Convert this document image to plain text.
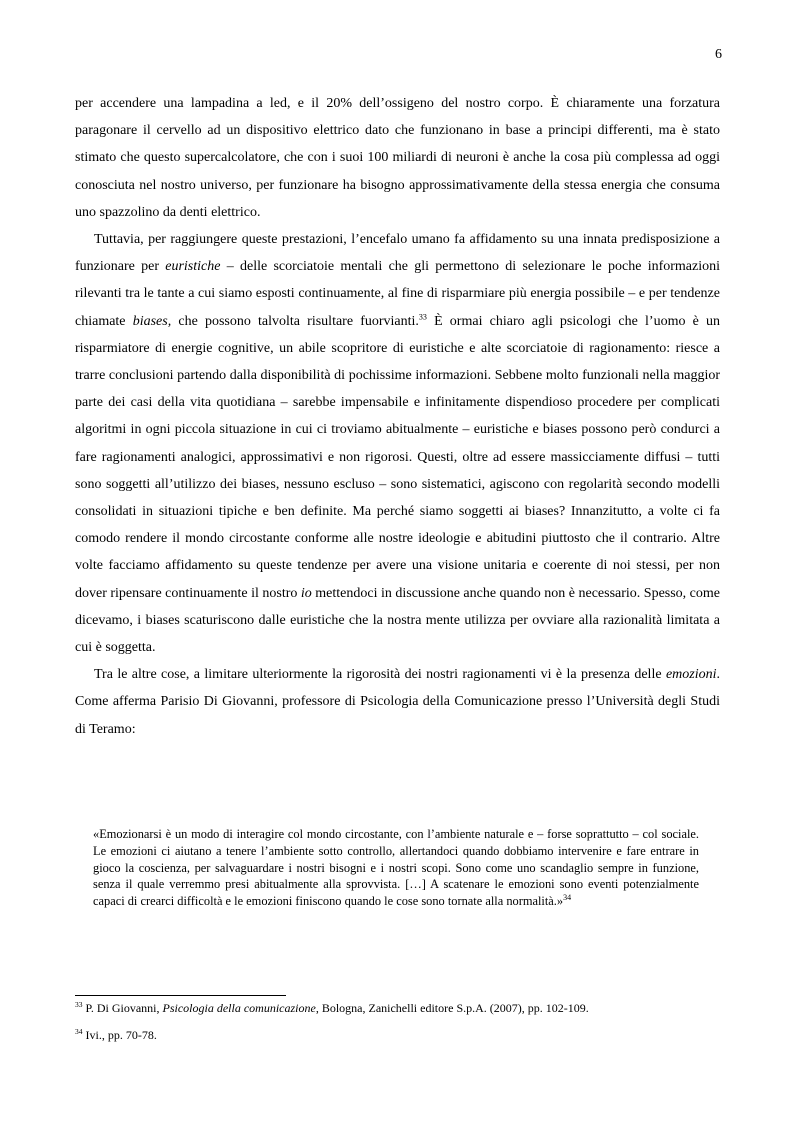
6

per accendere una lampadina a led, e il 20% dell’ossigeno del nostro corpo. È chiaramente una forzatura paragonare il cervello ad un dispositivo elettrico dato che funzionano in base a principi differenti, ma è stato stimato che questo supercalcolatore, che con i suoi 100 miliardi di neuroni è anche la cosa più complessa ad oggi conosciuta nel nostro universo, per funzionare ha bisogno approssimativamente della stessa energia che consuma uno spazzolino da denti elettrico.

Tuttavia, per raggiungere queste prestazioni, l’encefalo umano fa affidamento su una innata predisposizione a funzionare per euristiche – delle scorciatoie mentali che gli permettono di selezionare le poche informazioni rilevanti tra le tante a cui siamo esposti continuamente, al fine di risparmiare più energia possibile – e per tendenze chiamate biases, che possono talvolta risultare fuorvianti.$^{33}$ È ormai chiaro agli psicologi che l’uomo è un risparmiatore di energie cognitive, un abile scopritore di euristiche e alte scorciatoie di ragionamento: riesce a trarre conclusioni partendo dalla disponibilità di pochissime informazioni. Sebbene molto funzionali nella maggior parte dei casi della vita quotidiana – sarebbe impensabile e infinitamente dispendioso procedere per complicati algoritmi in ogni piccola situazione in cui ci troviamo abitualmente – euristiche e biases possono però condurci a fare ragionamenti analogici, approssimativi e non rigorosi. Questi, oltre ad essere massicciamente diffusi – tutti sono soggetti all’utilizzo dei biases, nessuno escluso – sono sistematici, agiscono con regolarità secondo modelli consolidati in situazioni tipiche e ben definite. Ma perché siamo soggetti ai biases? Innanzitutto, a volte ci fa comodo rendere il mondo circostante conforme alle nostre ideologie e abitudini piuttosto che il contrario. Altre volte facciamo affidamento su queste tendenze per avere una visione unitaria e coerente di noi stessi, per non dover ripensare continuamente il nostro io mettendoci in discussione anche quando non è necessario. Spesso, come dicevamo, i biases scaturiscono dalle euristiche che la nostra mente utilizza per ovviare alla razionalità limitata a cui è soggetta.

Tra le altre cose, a limitare ulteriormente la rigorosità dei nostri ragionamenti vi è la presenza delle emozioni. Come afferma Parisio Di Giovanni, professore di Psicologia della Comunicazione presso l’Università degli Studi di Teramo:

«Emozionarsi è un modo di interagire col mondo circostante, con l’ambiente naturale e – forse soprattutto – col sociale. Le emozioni ci aiutano a tenere l’ambiente sotto controllo, allertandoci quando dobbiamo intervenire e fare entrare in gioco la coscienza, per salvaguardare i nostri bisogni e i nostri scopi. Sono come uno scandaglio sempre in funzione, senza il quale verremmo presi abitualmente alla sprovvista. […] A scatenare le emozioni sono eventi potenzialmente capaci di crearci difficoltà e le emozioni finiscono quando le cose sono tornate alla normalità.»$^{34}$

$^{33}$ P. Di Giovanni, Psicologia della comunicazione, Bologna, Zanichelli editore S.p.A. (2007), pp. 102-109.

$^{34}$ Ivi., pp. 70-78.
